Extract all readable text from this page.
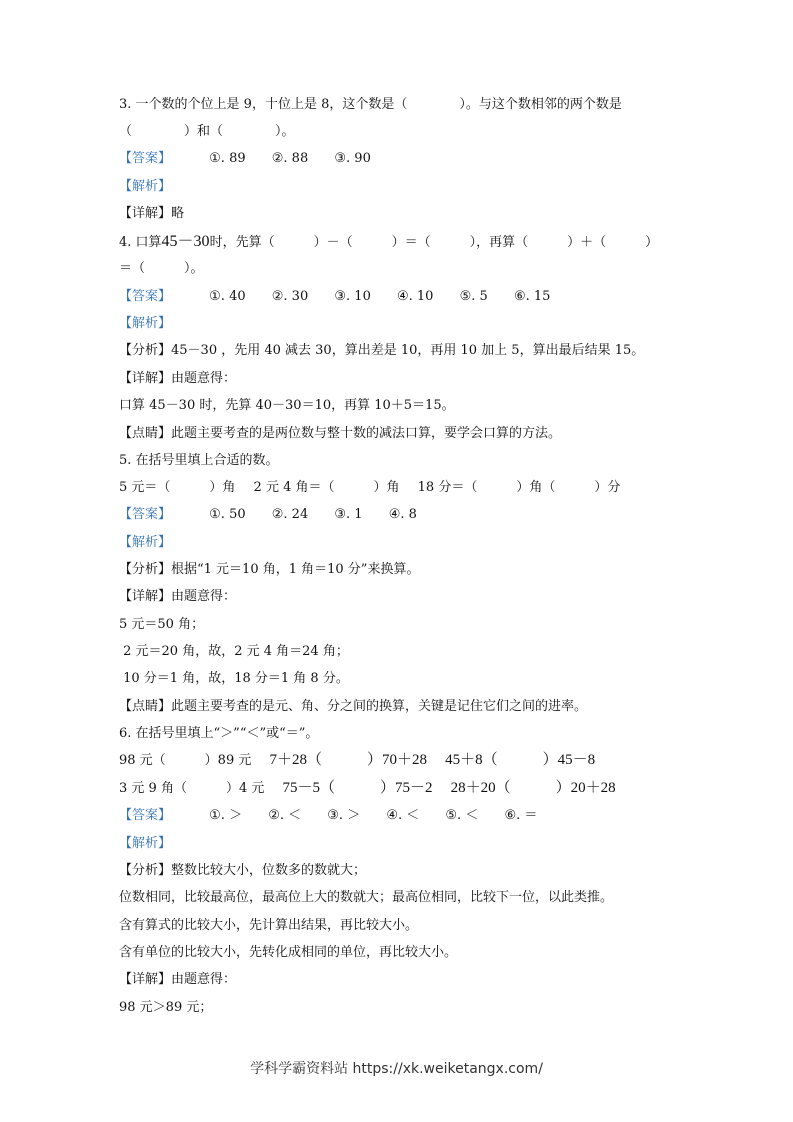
3. 一个数的个位上是 9，十位上是 8，这个数是（　　　　）。与这个数相邻的两个数是
（　　　　）和（　　　　）。
【答案】	①. 89 ②. 88 ③. 90
【解析】
【详解】略
4. 口算45－30时，先算（　　　）－（　　　）＝（　　　），再算（　　　）＋（　　　）
＝（　　　）。
【答案】	①. 40 ②. 30 ③. 10 ④. 10 ⑤. 5 ⑥. 15
【解析】
【分析】45－30 ，先用 40 减去 30，算出差是 10，再用 10 加上 5，算出最后结果 15。
【详解】由题意得：
口算 45－30 时，先算 40－30＝10，再算 10＋5＝15。
【点睛】此题主要考查的是两位数与整十数的减法口算，要学会口算的方法。
5. 在括号里填上合适的数。
5 元＝（　　　）角 2 元 4 角＝（　　　）角 18 分＝（　　　）角（　　　）分
【答案】	①. 50 ②. 24 ③. 1 ④. 8
【解析】
【分析】根据“1 元＝10 角，1 角＝10 分”来换算。
【详解】由题意得：
5 元＝50 角；
2 元＝20 角，故，2 元 4 角＝24 角；
10 分＝1 角，故，18 分＝1 角 8 分。
【点睛】此题主要考查的是元、角、分之间的换算，关键是记住它们之间的进率。
6. 在括号里填上“＞”“＜”或“＝”。
98 元（　　　）89 元 7＋28（　　　）70＋28 45＋8（　　　）45－8
3 元 9 角（　　　）4 元 75－5（　　　）75－2 28＋20（　　　）20＋28
【答案】	①. ＞ ②. ＜ ③. ＞ ④. ＜ ⑤. ＜ ⑥. ＝
【解析】
【分析】整数比较大小，位数多的数就大；
位数相同，比较最高位，最高位上大的数就大；最高位相同，比较下一位，以此类推。
含有算式的比较大小，先计算出结果，再比较大小。
含有单位的比较大小，先转化成相同的单位，再比较大小。
【详解】由题意得：
98 元＞89 元；
学科学霸资料站 https://xk.weiketangx.com/
